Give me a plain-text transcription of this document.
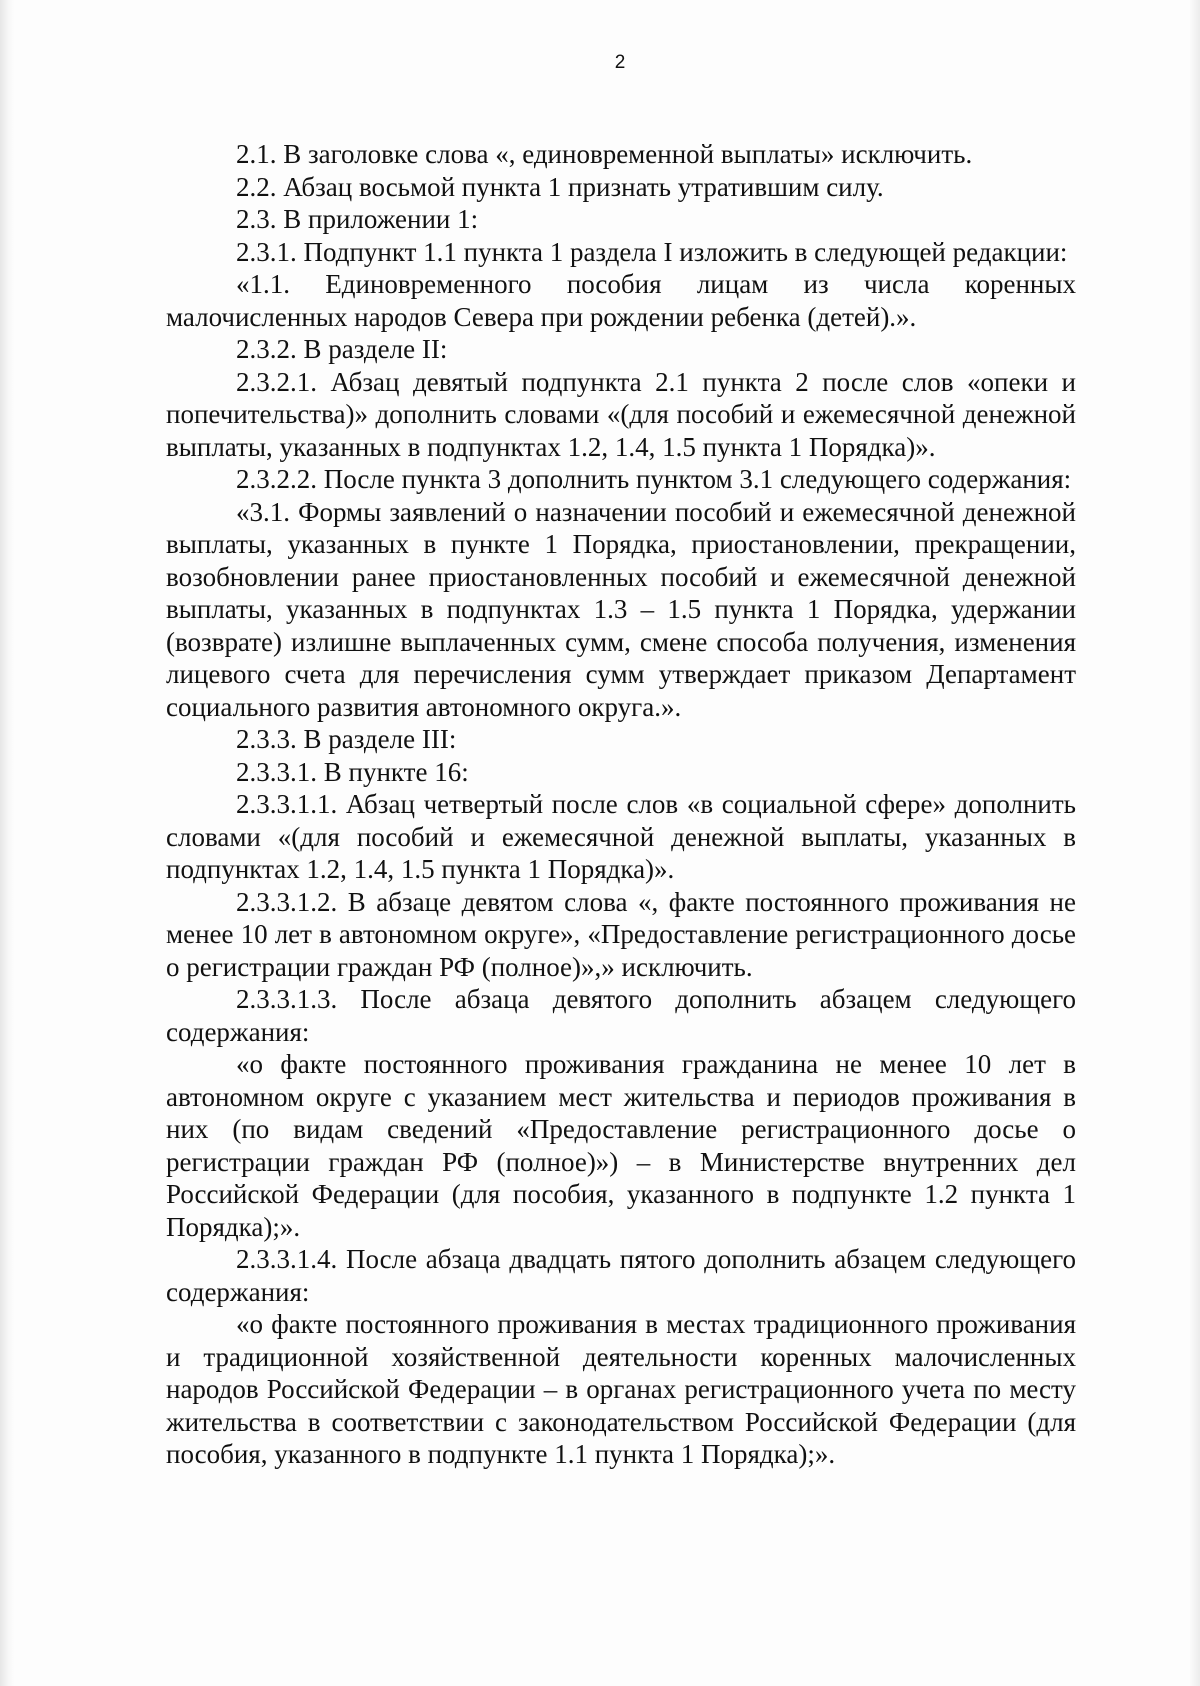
2

2.1. В заголовке слова «, единовременной выплаты» исключить.

2.2. Абзац восьмой пункта 1 признать утратившим силу.

2.3. В приложении 1:

2.3.1. Подпункт 1.1 пункта 1 раздела I изложить в следующей редакции:

«1.1. Единовременного пособия лицам из числа коренных малочисленных народов Севера при рождении ребенка (детей).».

2.3.2. В разделе II:

2.3.2.1. Абзац девятый подпункта 2.1 пункта 2 после слов «опеки и попечительства)» дополнить словами «(для пособий и ежемесячной денежной выплаты, указанных в подпунктах 1.2, 1.4, 1.5 пункта 1 Порядка)».

2.3.2.2. После пункта 3 дополнить пунктом 3.1 следующего содержания:

«3.1. Формы заявлений о назначении пособий и ежемесячной денежной выплаты, указанных в пункте 1 Порядка, приостановлении, прекращении, возобновлении ранее приостановленных пособий и ежемесячной денежной выплаты, указанных в подпунктах 1.3 – 1.5 пункта 1 Порядка, удержании (возврате) излишне выплаченных сумм, смене способа получения, изменения лицевого счета для перечисления сумм утверждает приказом Департамент социального развития автономного округа.».

2.3.3. В разделе III:

2.3.3.1. В пункте 16:

2.3.3.1.1. Абзац четвертый после слов «в социальной сфере» дополнить словами «(для пособий и ежемесячной денежной выплаты, указанных в подпунктах 1.2, 1.4, 1.5 пункта 1 Порядка)».

2.3.3.1.2. В абзаце девятом слова «, факте постоянного проживания не менее 10 лет в автономном округе», «Предоставление регистрационного досье о регистрации граждан РФ (полное)»,» исключить.

2.3.3.1.3. После абзаца девятого дополнить абзацем следующего содержания:

«о факте постоянного проживания гражданина не менее 10 лет в автономном округе с указанием мест жительства и периодов проживания в них (по видам сведений «Предоставление регистрационного досье о регистрации граждан РФ (полное)») – в Министерстве внутренних дел Российской Федерации (для пособия, указанного в подпункте 1.2 пункта 1 Порядка);».

2.3.3.1.4. После абзаца двадцать пятого дополнить абзацем следующего содержания:

«о факте постоянного проживания в местах традиционного проживания и традиционной хозяйственной деятельности коренных малочисленных народов Российской Федерации – в органах регистрационного учета по месту жительства в соответствии с законодательством Российской Федерации (для пособия, указанного в подпункте 1.1 пункта 1 Порядка);».
